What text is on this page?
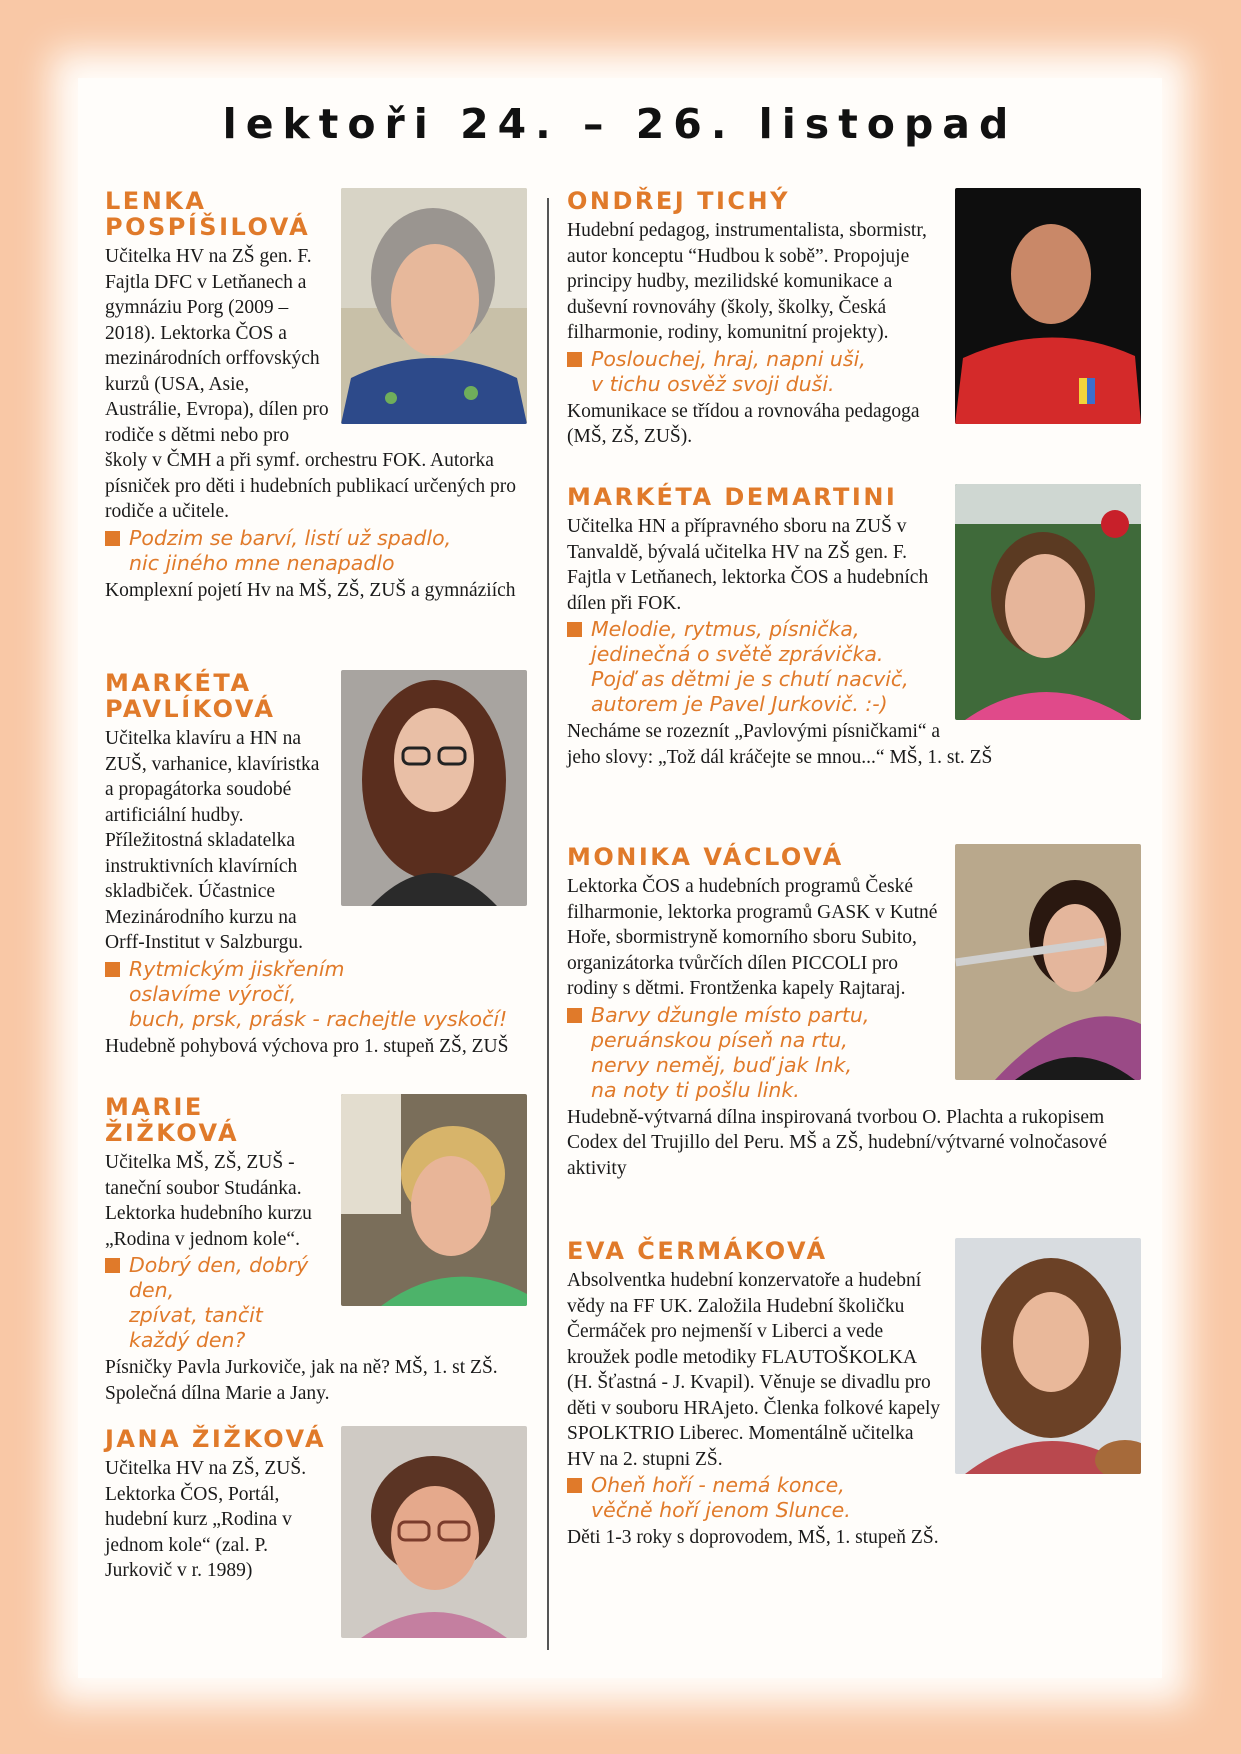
lektoři 24. – 26. listopad
LENKA
POSPÍŠILOVÁ

Učitelka HV na ZŠ gen. F. Fajtla DFC v Letňanech a gymnáziu Porg (2009 – 2018). Lektorka ČOS a mezinárodních orffovských kurzů (USA, Asie, Austrálie, Evropa), dílen pro rodiče s dětmi nebo pro školy v ČMH a při symf. orchestru FOK. Autorka písniček pro děti i hudebních publikací určených pro rodiče a učitele.

Podzim se barví, listí už spadlo,
nic jiného mne nenapadlo

Komplexní pojetí Hv na MŠ, ZŠ, ZUŠ a gymnáziích

MARKÉTA
PAVLÍKOVÁ

Učitelka klavíru a HN na ZUŠ, varhanice, klavíristka a propagátorka soudobé artificiální hudby. Příležitostná skladatelka instruktivních klavírních skladbiček. Účastnice Mezinárodního kurzu na Orff-Institut v Salzburgu.

Rytmickým jiskřením
oslavíme výročí,
buch, prsk, prásk - rachejtle vyskočí!

Hudebně pohybová výchova pro 1. stupeň ZŠ, ZUŠ

MARIE
ŽIŽKOVÁ

Učitelka MŠ, ZŠ, ZUŠ - taneční soubor Studánka. Lektorka hudebního kurzu „Rodina v jednom kole“.

Dobrý den, dobrý den,
zpívat, tančit každý den?

Písničky Pavla Jurkoviče, jak na ně? MŠ, 1. st ZŠ. Společná dílna Marie a Jany.

JANA ŽIŽKOVÁ

Učitelka HV na ZŠ, ZUŠ. Lektorka ČOS, Portál, hudební kurz „Rodina v jednom kole“ (zal. P. Jurkovič v r. 1989)

ONDŘEJ TICHÝ

Hudební pedagog, instrumentalista, sbormistr, autor konceptu “Hudbou k sobě”. Propojuje principy hudby, mezilidské komunikace a duševní rovnováhy (školy, školky, Česká filharmonie, rodiny, komunitní projekty).

Poslouchej, hraj, napni uši,
v tichu osvěž svoji duši.

Komunikace se třídou a rovnováha pedagoga (MŠ, ZŠ, ZUŠ).

MARKÉTA DEMARTINI

Učitelka HN a přípravného sboru na ZUŠ v Tanvaldě, bývalá učitelka HV na ZŠ gen. F. Fajtla v Letňanech, lektorka ČOS a hudebních dílen při FOK.

Melodie, rytmus, písnička,
jedinečná o světě zprávička.
Pojď as dětmi je s chutí nacvič,
autorem je Pavel Jurkovič. :-)

Necháme se rozeznít „Pavlovými písničkami“ a jeho slovy: „Tož dál kráčejte se mnou...“ MŠ, 1. st. ZŠ

MONIKA VÁCLOVÁ

Lektorka ČOS a hudebních programů České filharmonie, lektorka programů GASK v Kutné Hoře, sbormistryně komorního sboru Subito, organizátorka tvůrčích dílen PICCOLI pro rodiny s dětmi. Frontženka kapely Rajtaraj.

Barvy džungle místo partu,
peruánskou píseň na rtu,
nervy neměj, buď jak lnk,
na noty ti pošlu link.

Hudebně-výtvarná dílna inspirovaná tvorbou O. Plachta a rukopisem Codex del Trujillo del Peru. MŠ a ZŠ, hudební/výtvarné volnočasové aktivity

EVA ČERMÁKOVÁ

Absolventka hudební konzervatoře a hudební vědy na FF UK. Založila Hudební školičku Čermáček pro nejmenší v Liberci a vede kroužek podle metodiky FLAUTOŠKOLKA (H. Šťastná - J. Kvapil). Věnuje se divadlu pro děti v souboru HRAjeto. Členka folkové kapely SPOLKTRIO Liberec. Momentálně učitelka HV na 2. stupni ZŠ.

Oheň hoří - nemá konce,
věčně hoří jenom Slunce.

Děti 1-3 roky s doprovodem, MŠ, 1. stupeň ZŠ.
